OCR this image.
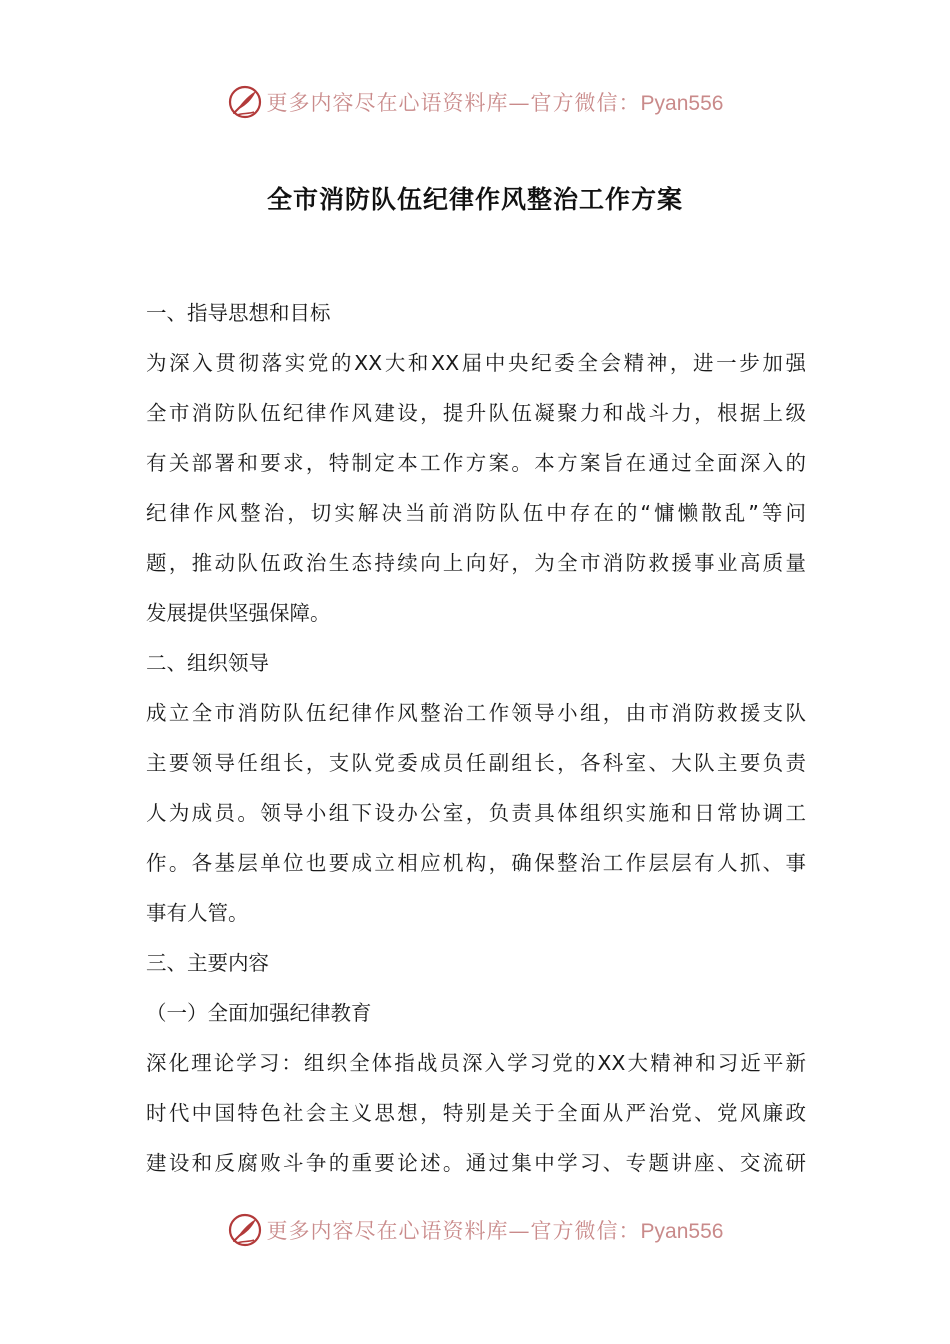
更多内容尽在心语资料库—官方微信：Pyan556
全市消防队伍纪律作风整治工作方案
一、指导思想和目标
为深入贯彻落实党的XX大和XX届中央纪委全会精神，进一步加强
全市消防队伍纪律作风建设，提升队伍凝聚力和战斗力，根据上级
有关部署和要求，特制定本工作方案。本方案旨在通过全面深入的
纪律作风整治，切实解决当前消防队伍中存在的“慵懒散乱”等问
题，推动队伍政治生态持续向上向好，为全市消防救援事业高质量
发展提供坚强保障。
二、组织领导
成立全市消防队伍纪律作风整治工作领导小组，由市消防救援支队
主要领导任组长，支队党委成员任副组长，各科室、大队主要负责
人为成员。领导小组下设办公室，负责具体组织实施和日常协调工
作。各基层单位也要成立相应机构，确保整治工作层层有人抓、事
事有人管。
三、主要内容
（一）全面加强纪律教育
深化理论学习：组织全体指战员深入学习党的XX大精神和习近平新
时代中国特色社会主义思想，特别是关于全面从严治党、党风廉政
建设和反腐败斗争的重要论述。通过集中学习、专题讲座、交流研
更多内容尽在心语资料库—官方微信：Pyan556
